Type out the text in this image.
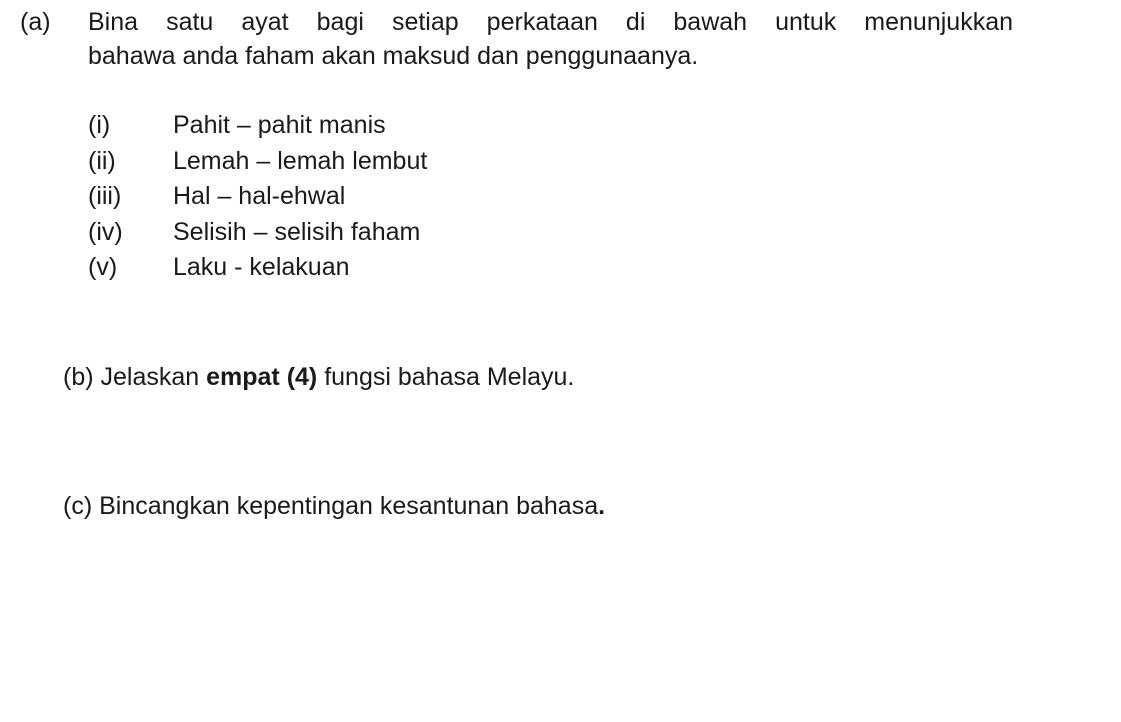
(a) Bina satu ayat bagi setiap perkataan di bawah untuk menunjukkan
bahawa anda faham akan maksud dan penggunaanya.
(i)	Pahit – pahit manis
(ii)	Lemah – lemah lembut
(iii)	Hal – hal-ehwal
(iv)	Selisih – selisih faham
(v)	Laku - kelakuan
(b) Jelaskan empat (4) fungsi bahasa Melayu.
(c) Bincangkan kepentingan kesantunan bahasa.
